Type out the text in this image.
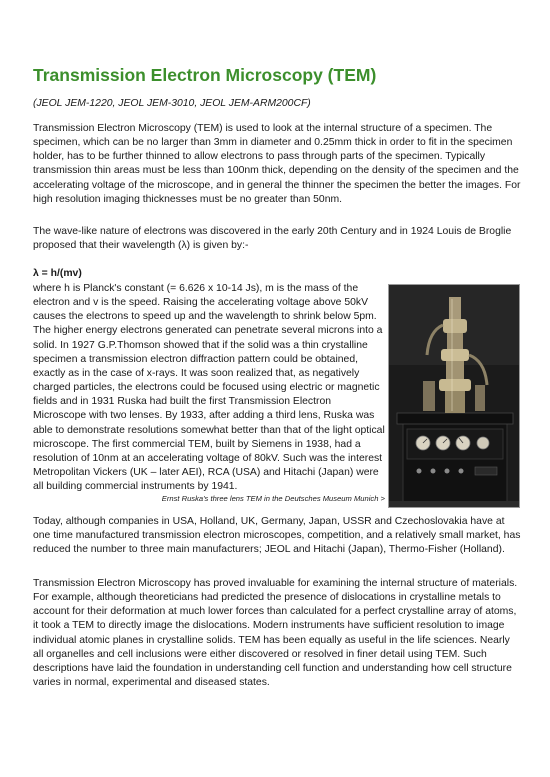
Transmission Electron Microscopy (TEM)
(JEOL JEM-1220, JEOL JEM-3010, JEOL JEM-ARM200CF)

Transmission Electron Microscopy (TEM) is used to look at the internal structure of a specimen. The specimen, which can be no larger than 3mm in diameter and 0.25mm thick in order to fit in the specimen holder, has to be further thinned to allow electrons to pass through parts of the specimen. Typically transmission thin areas must be less than 100nm thick, depending on the density of the specimen and the accelerating voltage of the microscope, and in general the thinner the specimen the better the images. For high resolution imaging thicknesses must be no greater than 50nm.

The wave-like nature of electrons was discovered in the early 20th Century and in 1924 Louis de Broglie proposed that their wavelength (λ) is given by:-

λ = h/(mv)

where h is Planck's constant (= 6.626 x 10-14 Js), m is the mass of the electron and v is the speed. Raising the accelerating voltage above 50kV causes the electrons to speed up and the wavelength to shrink below 5pm. The higher energy electrons generated can penetrate several microns into a solid. In 1927 G.P.Thomson showed that if the solid was a thin crystalline specimen a transmission electron diffraction pattern could be obtained, exactly as in the case of x-rays. It was soon realized that, as negatively charged particles, the electrons could be focused using electric or magnetic fields and in 1931 Ruska had built the first Transmission Electron Microscope with two lenses. By 1933, after adding a third lens, Ruska was able to demonstrate resolutions somewhat better than that of the light optical microscope. The first commercial TEM, built by Siemens in 1938, had a resolution of 10nm at an accelerating voltage of 80kV. Such was the interest Metropolitan Vickers (UK – later AEI), RCA (USA) and Hitachi (Japan) were all building commercial instruments by 1941.

Ernst Ruska's three lens TEM in the Deutsches Museum Munich >

Today, although companies in USA, Holland, UK, Germany, Japan, USSR and Czechoslovakia have at one time manufactured transmission electron microscopes, competition, and a relatively small market, has reduced the number to three main manufacturers; JEOL and Hitachi (Japan), Thermo-Fisher (Holland).

Transmission Electron Microscopy has proved invaluable for examining the internal structure of materials. For example, although theoreticians had predicted the presence of dislocations in crystalline metals to account for their deformation at much lower forces than calculated for a perfect crystalline array of atoms, it took a TEM to directly image the dislocations. Modern instruments have sufficient resolution to image individual atomic planes in crystalline solids. TEM has been equally as useful in the life sciences. Nearly all organelles and cell inclusions were either discovered or resolved in finer detail using TEM. Such descriptions have laid the foundation in understanding cell function and understanding how cell structure varies in normal, experimental and diseased states.
